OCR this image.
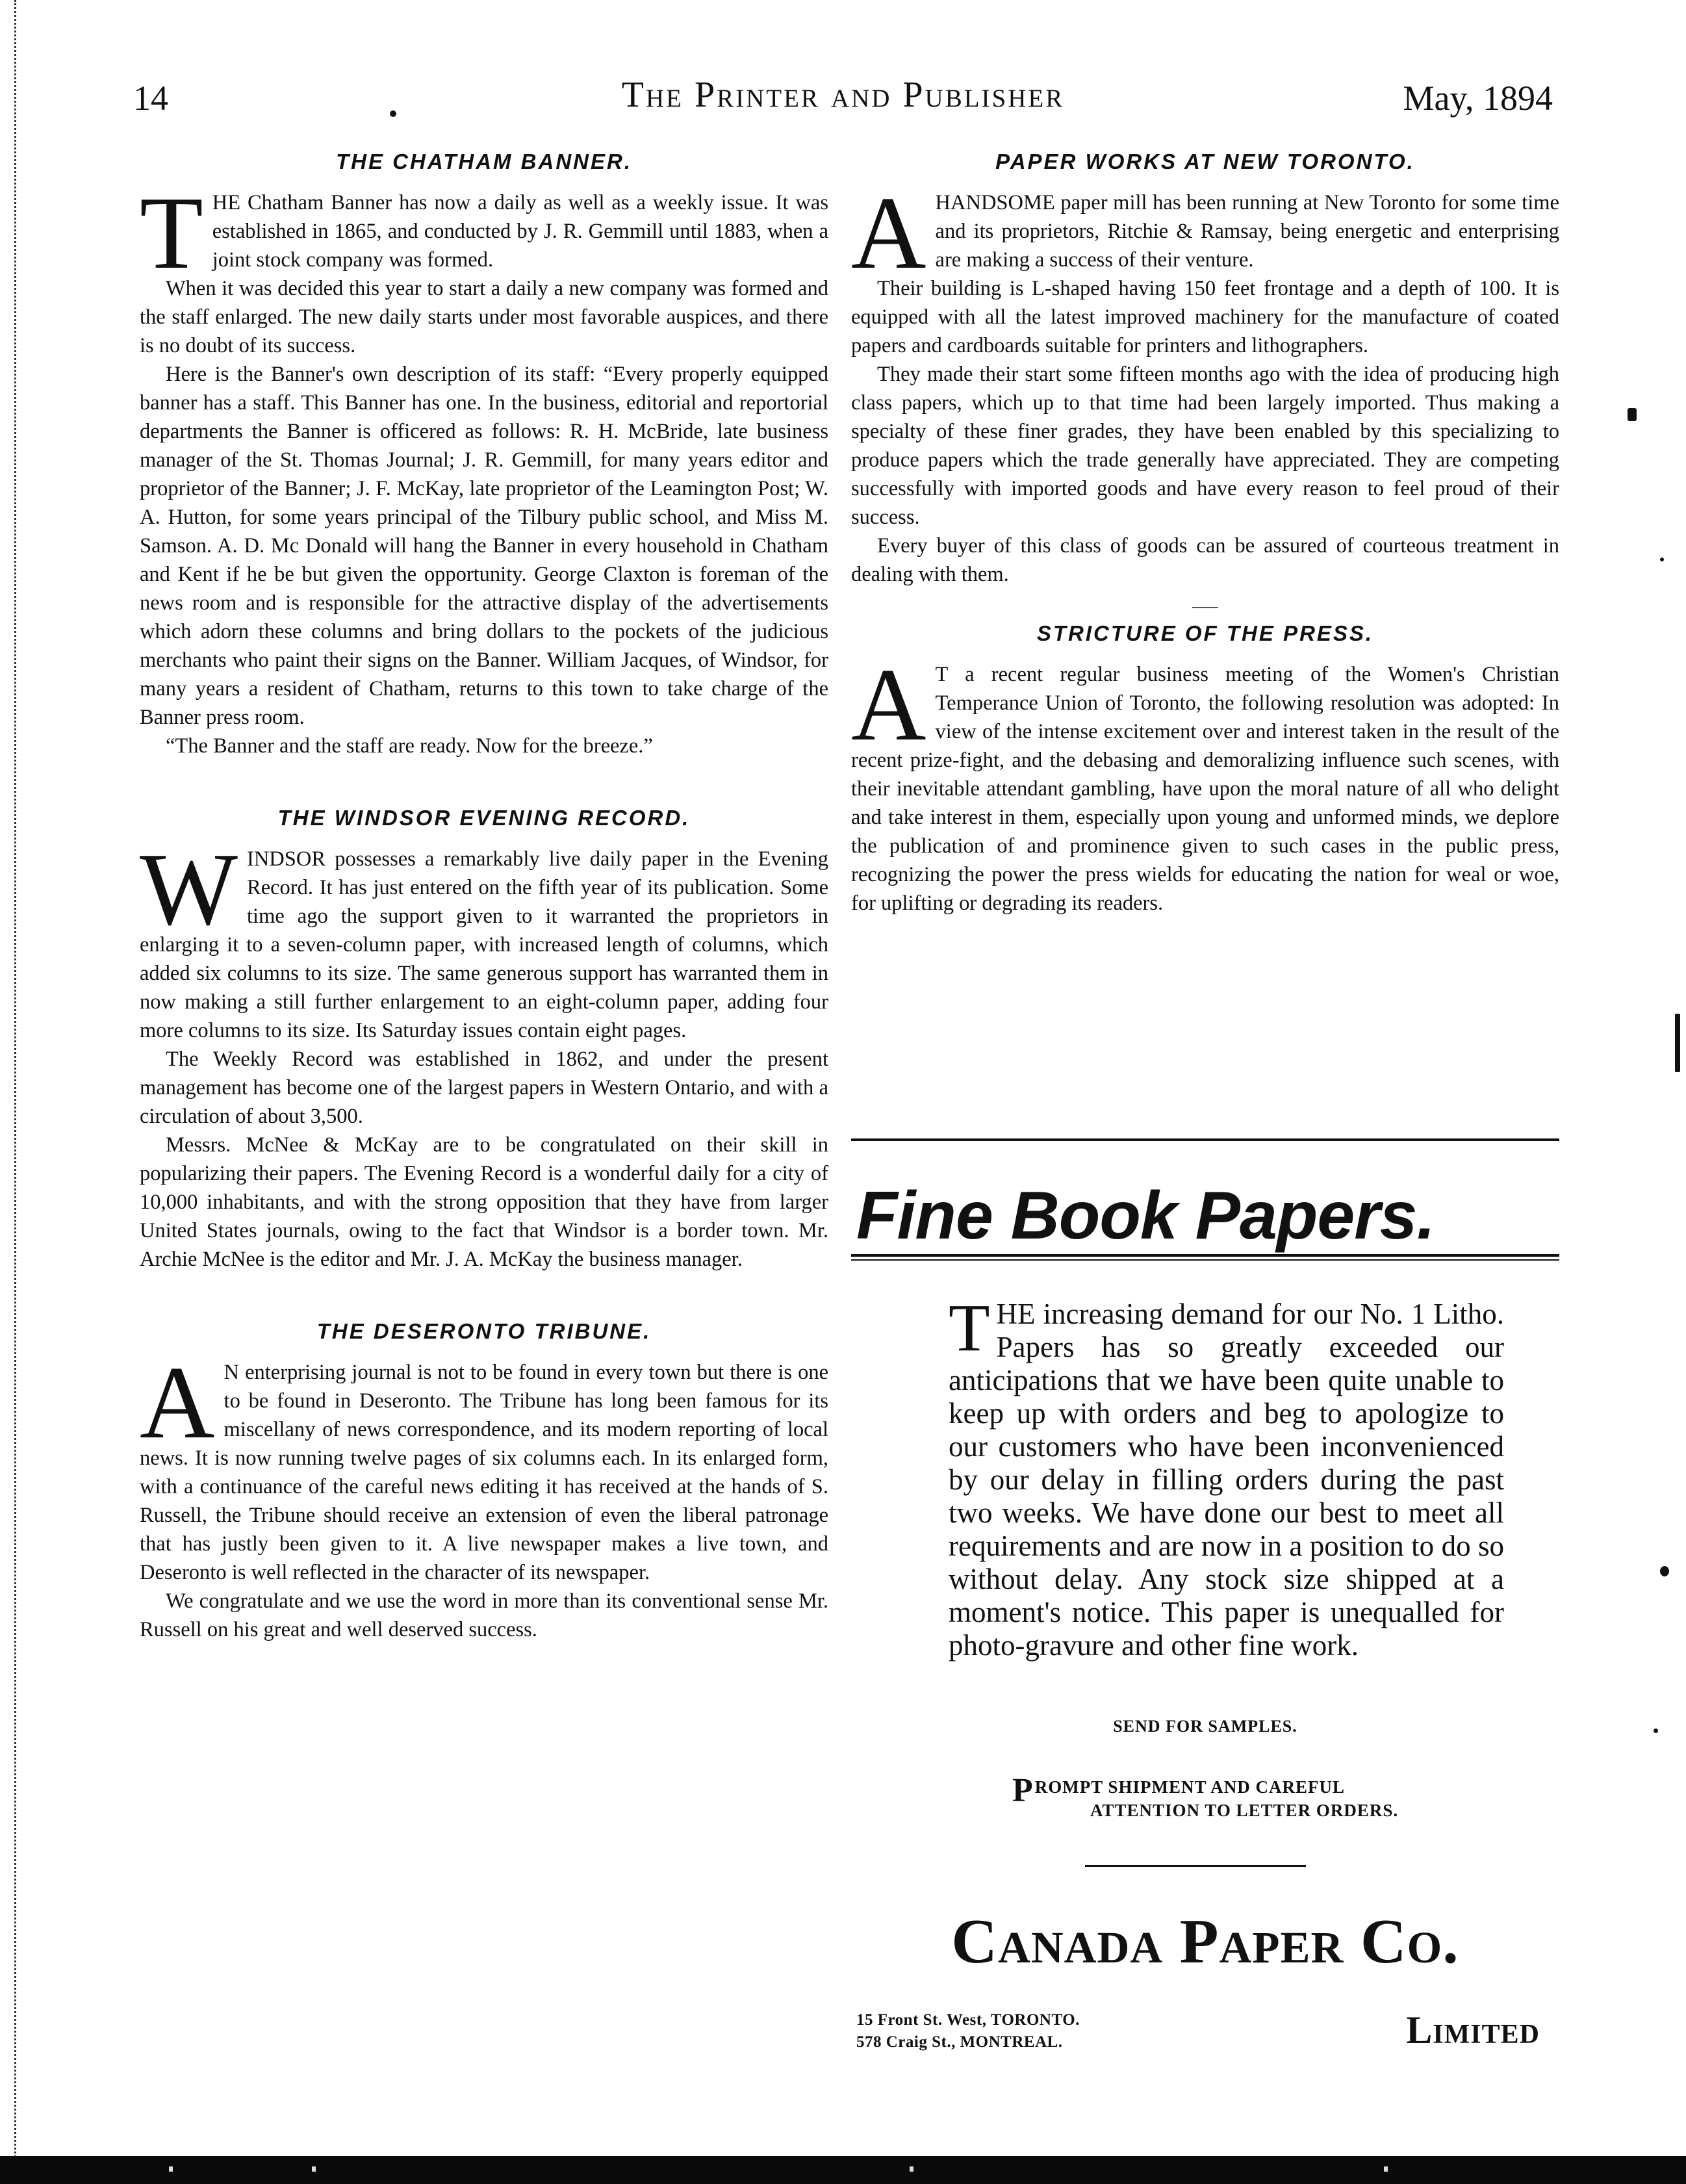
14	The Printer and Publisher	May, 1894
THE CHATHAM BANNER.

THE Chatham Banner has now a daily as well as a weekly issue. It was established in 1865, and conducted by J. R. Gemmill until 1883, when a joint stock company was formed.

When it was decided this year to start a daily a new company was formed and the staff enlarged. The new daily starts under most favorable auspices, and there is no doubt of its success.

Here is the Banner's own description of its staff: “Every properly equipped banner has a staff. This Banner has one. In the business, editorial and reportorial departments the Banner is officered as follows: R. H. McBride, late business manager of the St. Thomas Journal; J. R. Gemmill, for many years editor and proprietor of the Banner; J. F. McKay, late proprietor of the Leamington Post; W. A. Hutton, for some years principal of the Tilbury public school, and Miss M. Samson. A. D. Mc Donald will hang the Banner in every household in Chatham and Kent if he be but given the opportunity. George Claxton is foreman of the news room and is responsible for the attractive display of the advertisements which adorn these columns and bring dollars to the pockets of the judicious merchants who paint their signs on the Banner. William Jacques, of Windsor, for many years a resident of Chatham, returns to this town to take charge of the Banner press room.

“The Banner and the staff are ready. Now for the breeze.”

THE WINDSOR EVENING RECORD.

WINDSOR possesses a remarkably live daily paper in the Evening Record. It has just entered on the fifth year of its publication. Some time ago the support given to it warranted the proprietors in enlarging it to a seven-column paper, with increased length of columns, which added six columns to its size. The same generous support has warranted them in now making a still further enlargement to an eight-column paper, adding four more columns to its size. Its Saturday issues contain eight pages.

The Weekly Record was established in 1862, and under the present management has become one of the largest papers in Western Ontario, and with a circulation of about 3,500.

Messrs. McNee & McKay are to be congratulated on their skill in popularizing their papers. The Evening Record is a wonderful daily for a city of 10,000 inhabitants, and with the strong opposition that they have from larger United States journals, owing to the fact that Windsor is a border town. Mr. Archie McNee is the editor and Mr. J. A. McKay the business manager.

THE DESERONTO TRIBUNE.

A N enterprising journal is not to be found in every town but there is one to be found in Deseronto. The Tribune has long been famous for its miscellany of news correspondence, and its modern reporting of local news. It is now running twelve pages of six columns each. In its enlarged form, with a continuance of the careful news editing it has received at the hands of S. Russell, the Tribune should receive an extension of even the liberal patronage that has justly been given to it. A live newspaper makes a live town, and Deseronto is well reflected in the character of its newspaper.

We congratulate and we use the word in more than its conventional sense Mr. Russell on his great and well deserved success.

PAPER WORKS AT NEW TORONTO.

AHANDSOME paper mill has been running at New Toronto for some time and its proprietors, Ritchie & Ramsay, being energetic and enterprising are making a success of their venture.

Their building is L-shaped having 150 feet frontage and a depth of 100. It is equipped with all the latest improved machinery for the manufacture of coated papers and cardboards suitable for printers and lithographers.

They made their start some fifteen months ago with the idea of producing high class papers, which up to that time had been largely imported. Thus making a specialty of these finer grades, they have been enabled by this specializing to produce papers which the trade generally have appreciated. They are competing successfully with imported goods and have every reason to feel proud of their success.

Every buyer of this class of goods can be assured of courteous treatment in dealing with them.

STRICTURE OF THE PRESS.

A T a recent regular business meeting of the Women's Christian Temperance Union of Toronto, the following resolution was adopted: In view of the intense excitement over and interest taken in the result of the recent prize-fight, and the debasing and demoralizing influence such scenes, with their inevitable attendant gambling, have upon the moral nature of all who delight and take interest in them, especially upon young and unformed minds, we deplore the publication of and prominence given to such cases in the public press, recognizing the power the press wields for educating the nation for weal or woe, for uplifting or degrading its readers.

Fine Book Papers.

THE increasing demand for our No. 1 Litho. Papers has so greatly exceeded our anticipations that we have been quite unable to keep up with orders and beg to apologize to our customers who have been inconvenienced by our delay in filling orders during the past two weeks. We have done our best to meet all requirements and are now in a position to do so without delay. Any stock size shipped at a moment's notice. This paper is unequalled for photo-gravure and other fine work.

SEND FOR SAMPLES.
P ROMPT SHIPMENT AND CAREFUL
ATTENTION TO LETTER ORDERS.
Canada Paper Co.
15 Front St. West, TORONTO.
578 Craig St., MONTREAL.	Limited
